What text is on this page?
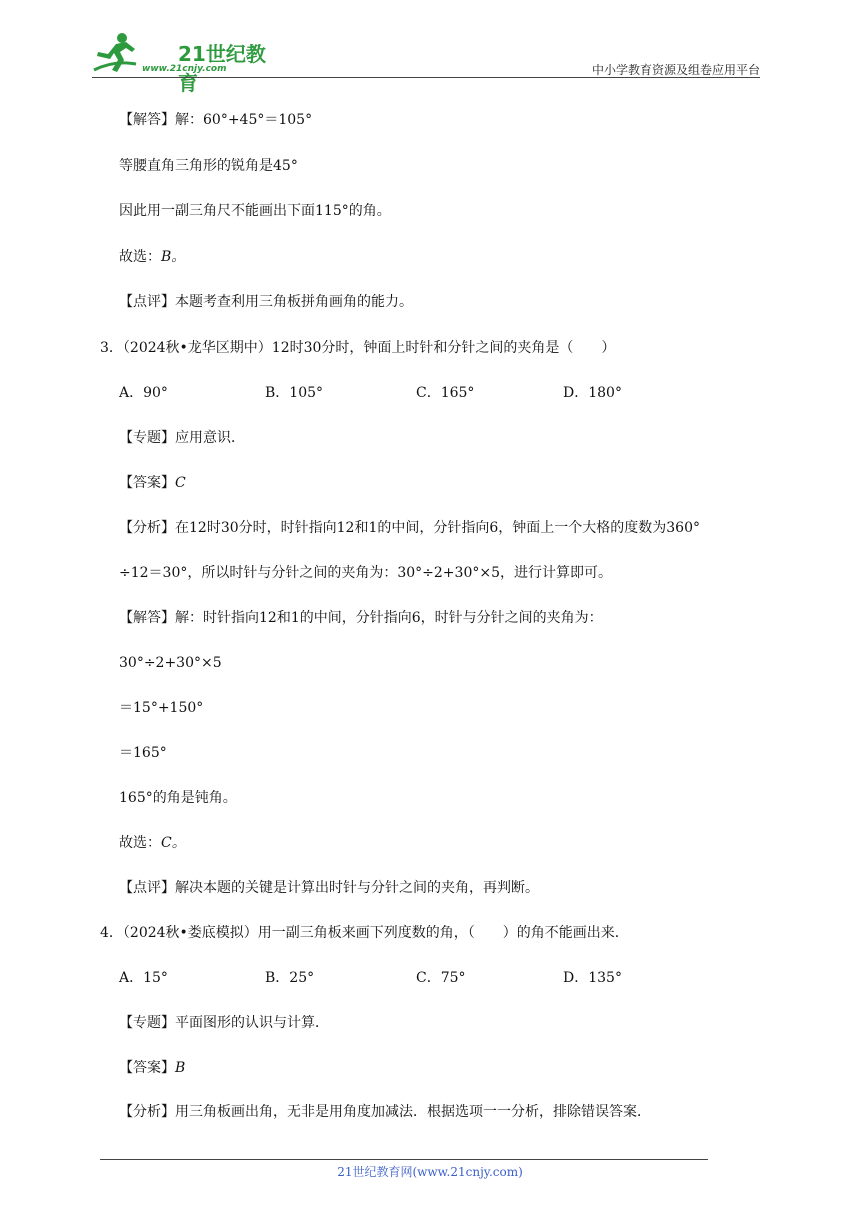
21世纪教育
www.21cnjy.com	中小学教育资源及组卷应用平台
【解答】解：60°+45°＝105°
等腰直角三角形的锐角是45°
因此用一副三角尺不能画出下面115°的角。
故选：B。
【点评】本题考查利用三角板拼角画角的能力。
3．（2024秋•龙华区期中）12时30分时，钟面上时针和分针之间的夹角是（　　）
A．90°	B．105°	C．165°	D．180°
【专题】应用意识．
【答案】C
【分析】在12时30分时，时针指向12和1的中间，分针指向6，钟面上一个大格的度数为360°
÷12＝30°，所以时针与分针之间的夹角为：30°÷2+30°×5，进行计算即可。
【解答】解：时针指向12和1的中间，分针指向6，时针与分针之间的夹角为：
30°÷2+30°×5
＝15°+150°
＝165°
165°的角是钝角。
故选：C。
【点评】解决本题的关键是计算出时针与分针之间的夹角，再判断。
4．（2024秋•娄底模拟）用一副三角板来画下列度数的角，（　　）的角不能画出来．
A．15°	B．25°	C．75°	D．135°
【专题】平面图形的认识与计算．
【答案】B
【分析】用三角板画出角，无非是用角度加减法．根据选项一一分析，排除错误答案．
21世纪教育网(www.21cnjy.com)
